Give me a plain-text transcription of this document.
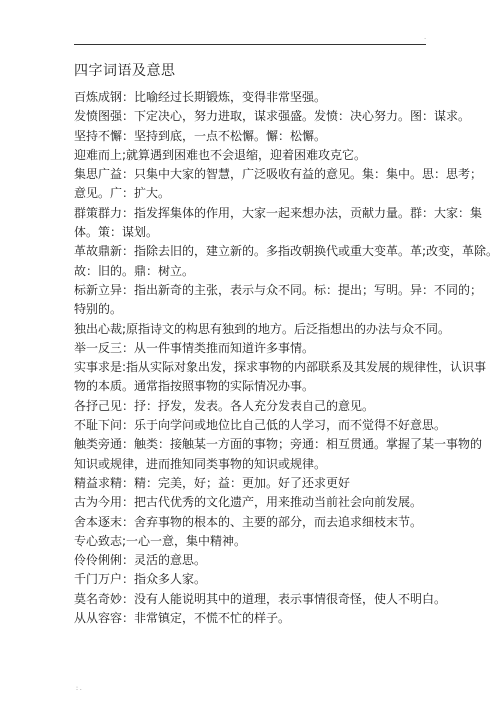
.
四字词语及意思

百炼成钢：比喻经过长期锻炼，变得非常坚强。

发愤图强：下定决心，努力进取，谋求强盛。发愤：决心努力。图：谋求。

坚持不懈：坚持到底，一点不松懈。懈：松懈。

迎难而上;就算遇到困难也不会退缩，迎着困难攻克它。

集思广益：只集中大家的智慧，广泛吸收有益的意见。集：集中。思：思考；

意见。广：扩大。

群策群力：指发挥集体的作用，大家一起来想办法，贡献力量。群：大家：集

体。策：谋划。

革故鼎新：指除去旧的，建立新的。多指改朝换代或重大变革。革;改变，革除。

故：旧的。鼎：树立。

标新立异：指出新奇的主张，表示与众不同。标：提出；写明。异：不同的；

特别的。

独出心裁;原指诗文的构思有独到的地方。后泛指想出的办法与众不同。

举一反三：从一件事情类推而知道许多事情。

实事求是:指从实际对象出发，探求事物的内部联系及其发展的规律性，认识事

物的本质。通常指按照事物的实际情况办事。

各抒己见：抒：抒发，发表。各人充分发表自己的意见。

不耻下问：乐于向学问或地位比自己低的人学习，而不觉得不好意思。

触类旁通：触类：接触某一方面的事物；旁通：相互贯通。掌握了某一事物的

知识或规律，进而推知同类事物的知识或规律。

精益求精：精：完美，好；益：更加。好了还求更好

古为今用：把古代优秀的文化遗产，用来推动当前社会向前发展。

舍本逐末：舍弃事物的根本的、主要的部分，而去追求细枝末节。

专心致志;一心一意，集中精神。

伶伶俐俐：灵活的意思。

千门万户：指众多人家。

莫名奇妙：没有人能说明其中的道理，表示事情很奇怪，使人不明白。

从从容容：非常镇定，不慌不忙的样子。

: .
